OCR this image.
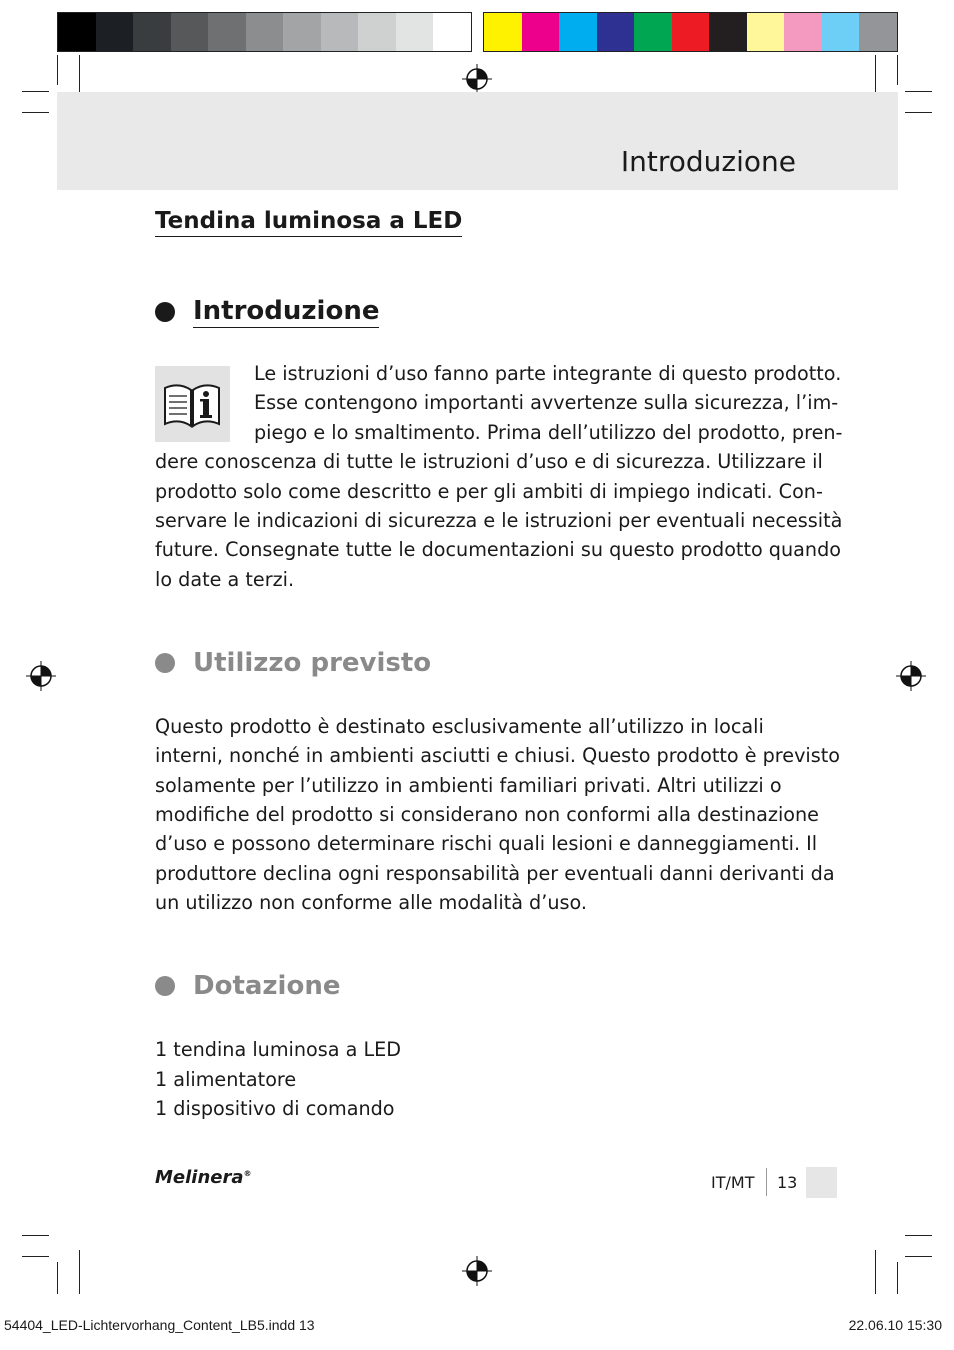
Introduzione
Tendina luminosa a LED
Introduzione
Le istruzioni d’uso fanno parte integrante di questo prodotto.
Esse contengono importanti avvertenze sulla sicurezza, l’im-
piego e lo smaltimento. Prima dell’utilizzo del prodotto, pren-
dere conoscenza di tutte le istruzioni d’uso e di sicurezza. Utilizzare il
prodotto solo come descritto e per gli ambiti di impiego indicati. Con-
servare le indicazioni di sicurezza e le istruzioni per eventuali necessità
future. Consegnate tutte le documentazioni su questo prodotto quando
lo date a terzi.
Utilizzo previsto
Questo prodotto è destinato esclusivamente all’utilizzo in locali
interni, nonché in ambienti asciutti e chiusi. Questo prodotto è previsto
solamente per l’utilizzo in ambienti familiari privati. Altri utilizzi o
modifiche del prodotto si considerano non conformi alla destinazione
d’uso e possono determinare rischi quali lesioni e danneggiamenti. Il
produttore declina ogni responsabilità per eventuali danni derivanti da
un utilizzo non conforme alle modalità d’uso.
Dotazione
1 tendina luminosa a LED
1 alimentatore
1 dispositivo di comando
Melinera®	IT/MT 13
54404_LED-Lichtervorhang_Content_LB5.indd 13	22.06.10 15:30
